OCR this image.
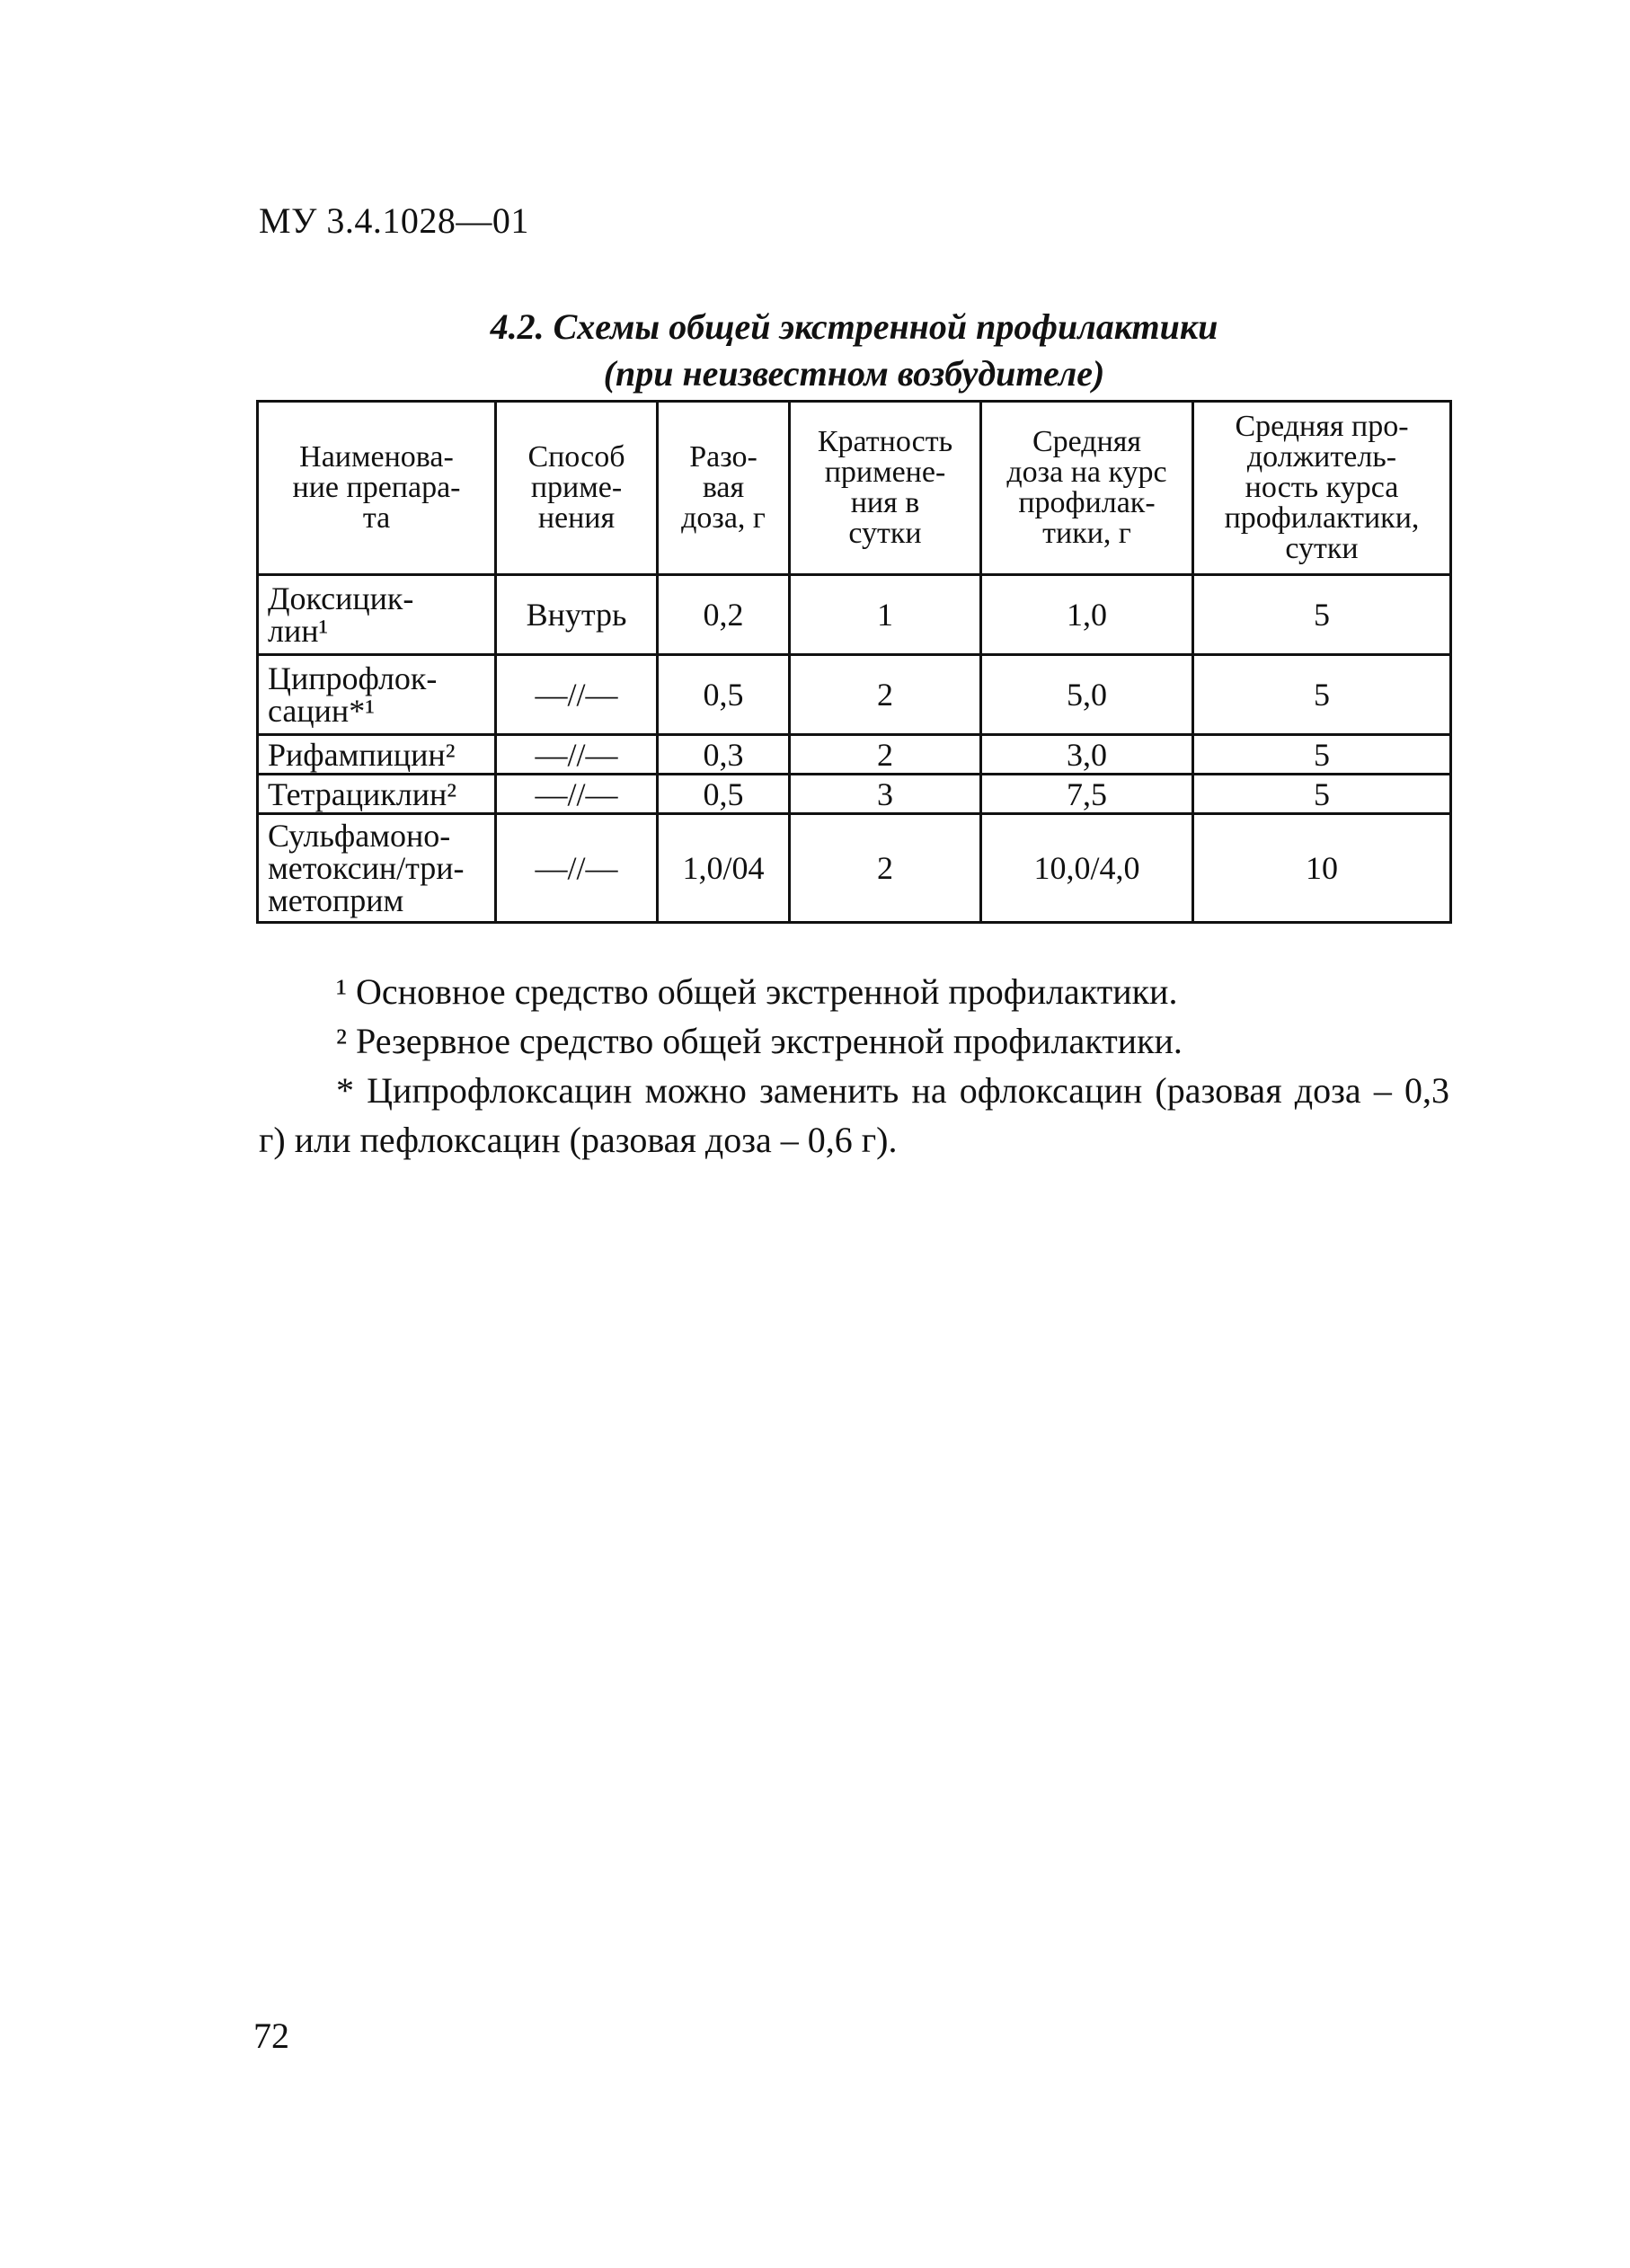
МУ 3.4.1028—01
4.2. Схемы общей экстренной профилактики
(при неизвестном возбудителе)
Наименова-
ние препара-
та	Способ
приме-
нения	Разо-
вая
доза, г	Кратность
примене-
ния в
сутки	Средняя
доза на курс
профилак-
тики, г	Средняя про-
должитель-
ность курса
профилактики,
сутки
Доксицик-
лин¹	Внутрь	0,2	1	1,0	5
Ципрофлок-
сацин*¹	—//—	0,5	2	5,0	5
Рифампицин²	—//—	0,3	2	3,0	5
Тетрациклин²	—//—	0,5	3	7,5	5
Сульфамоно-
метоксин/три-
метоприм	—//—	1,0/04	2	10,0/4,0	10

¹ Основное средство общей экстренной профилактики.

² Резервное средство общей экстренной профилактики.

* Ципрофлоксацин можно заменить на офлоксацин (разовая доза – 0,3 г) или пефлоксацин (разовая доза – 0,6 г).

72
